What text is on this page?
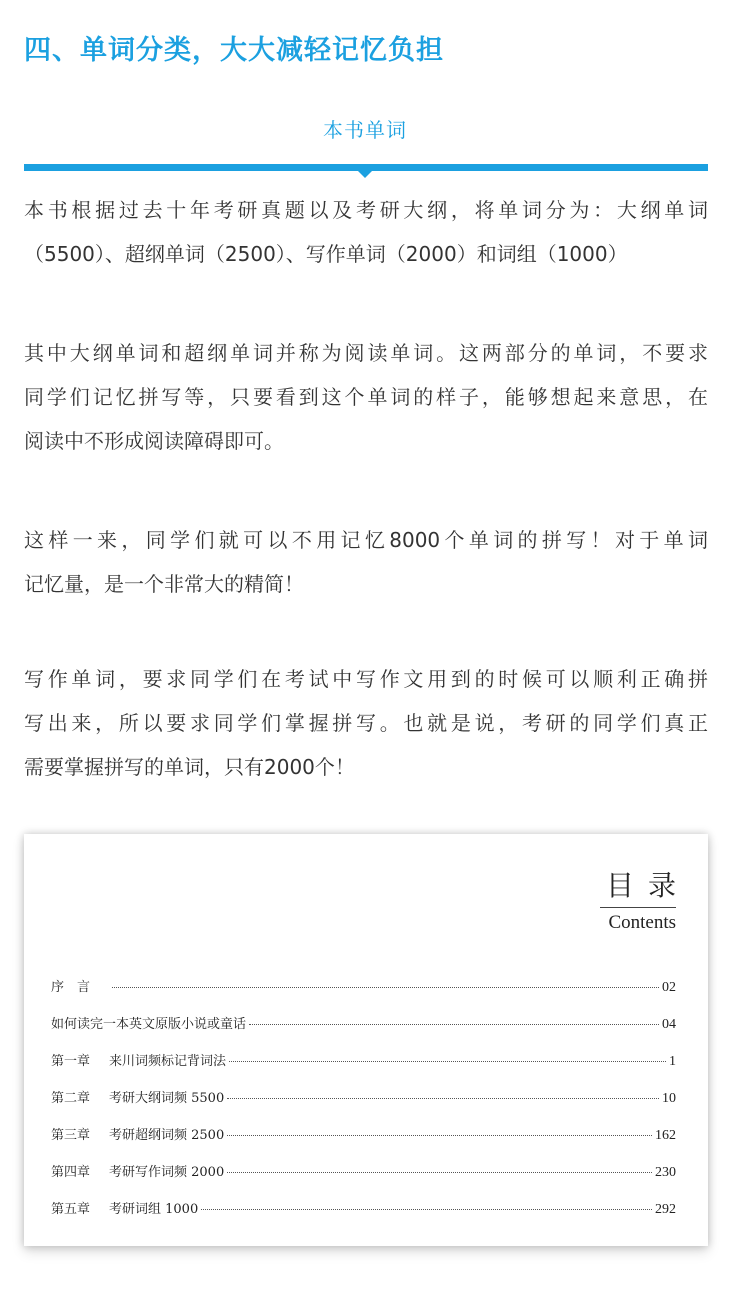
四、单词分类，大大减轻记忆负担
本书单词
本书根据过去十年考研真题以及考研大纲，将单词分为：大纲单词
（5500）、超纲单词（2500）、写作单词（2000）和词组（1000）
其中大纲单词和超纲单词并称为阅读单词。这两部分的单词，不要求
同学们记忆拼写等，只要看到这个单词的样子，能够想起来意思，在
阅读中不形成阅读障碍即可。
这样一来，同学们就可以不用记忆8000个单词的拼写！对于单词
记忆量，是一个非常大的精简！
写作单词，要求同学们在考试中写作文用到的时候可以顺利正确拼
写出来，所以要求同学们掌握拼写。也就是说，考研的同学们真正
需要掌握拼写的单词，只有2000个！
目录
Contents
序　言	02
如何读完一本英文原版小说或童话	04
第一章	来川词频标记背词法	1
第二章	考研大纲词频 5500	10
第三章	考研超纲词频 2500	162
第四章	考研写作词频 2000	230
第五章	考研词组 1000	292
